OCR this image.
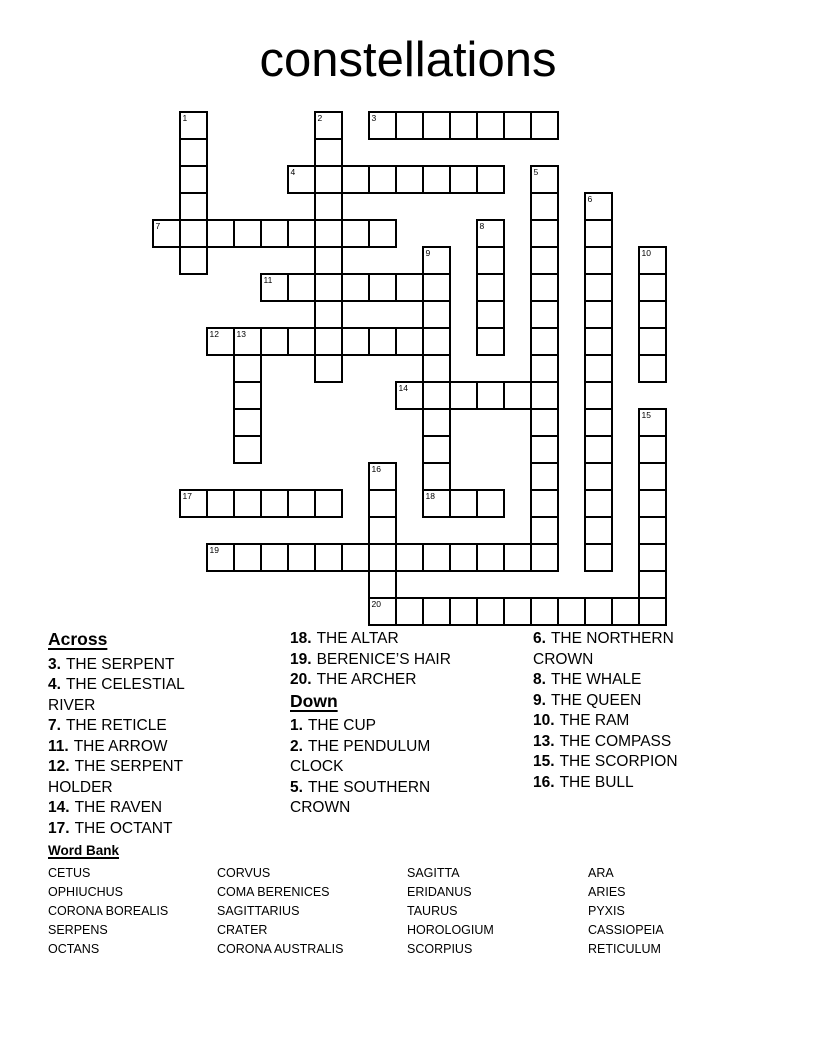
constellations
1	2	3
4	5
6
7	8
9	10
11
12 13
14
15
16
17	18
19
20
Across
3. THE SERPENT
4. THE CELESTIAL RIVER
7. THE RETICLE
11. THE ARROW
12. THE SERPENT HOLDER
14. THE RAVEN
17. THE OCTANT
18. THE ALTAR
19. BERENICE’S HAIR
20. THE ARCHER
Down
1. THE CUP
2. THE PENDULUM CLOCK
5. THE SOUTHERN CROWN
6. THE NORTHERN CROWN
8. THE WHALE
9. THE QUEEN
10. THE RAM
13. THE COMPASS
15. THE SCORPION
16. THE BULL
Word Bank
CETUS
OPHIUCHUS
CORONA BOREALIS
SERPENS
OCTANS
CORVUS
COMA BERENICES
SAGITTARIUS
CRATER
CORONA AUSTRALIS
SAGITTA
ERIDANUS
TAURUS
HOROLOGIUM
SCORPIUS
ARA
ARIES
PYXIS
CASSIOPEIA
RETICULUM
